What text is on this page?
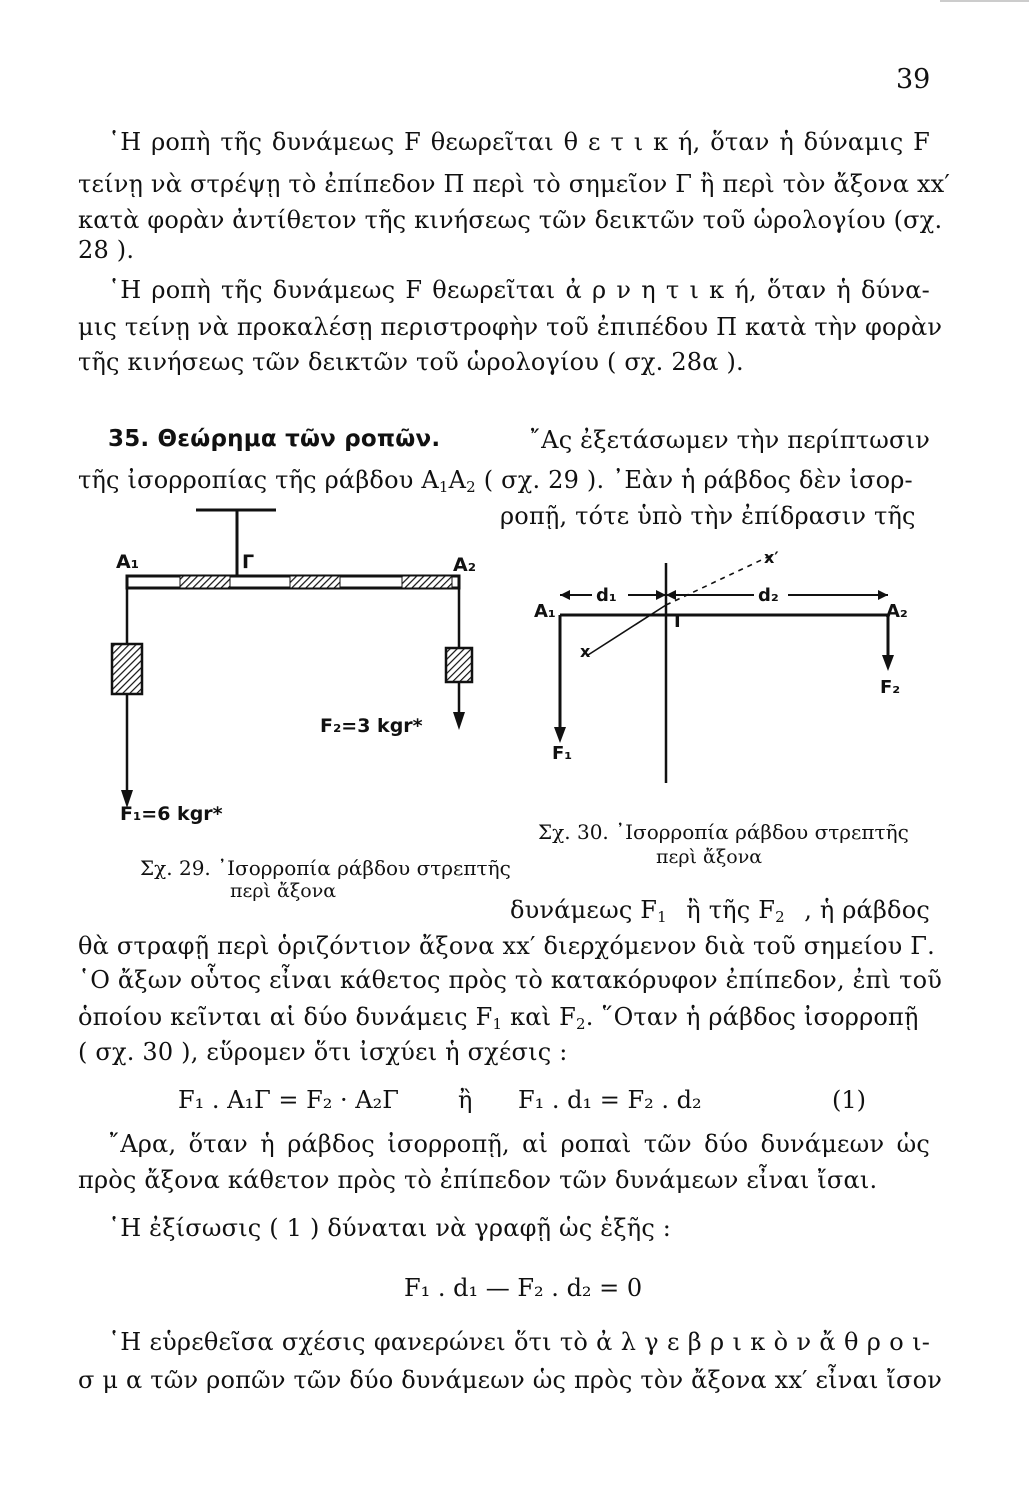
39
῾Η ροπὴ τῆς δυνάμεως F θεωρεῖται θ ε τ ι κ ή, ὅταν ἡ δύναμις F
τείνῃ νὰ στρέψῃ τὸ ἐπίπεδον Π περὶ τὸ σημεῖον Γ ἢ περὶ τὸν ἄξονα xx′
κατὰ φορὰν ἀντίθετον τῆς κινήσεως τῶν δεικτῶν τοῦ ὡρολογίου (σχ.
28 ).
῾Η ροπὴ τῆς δυνάμεως F θεωρεῖται ἀ ρ ν η τ ι κ ή, ὅταν ἡ δύνα-
μις τείνῃ νὰ προκαλέσῃ περιστροφὴν τοῦ ἐπιπέδου Π κατὰ τὴν φορὰν
τῆς κινήσεως τῶν δεικτῶν τοῦ ὡρολογίου ( σχ. 28α ).
35. Θεώρημα τῶν ροπῶν.	῎Ας ἐξετάσωμεν τὴν περίπτωσιν
τῆς ἰσορροπίας τῆς ράβδου $A_1A_2$ ( σχ. 29 ). ᾿Εὰν ἡ ράβδος δὲν ἰσορ-
ροπῇ, τότε ὑπὸ τὴν ἐπίδρασιν τῆς
A₁	Γ	A₂
F₂=3 kgr*
F₁=6 kgr*
Σχ. 29. ᾿Ισορροπία ράβδου στρεπτῆς
περὶ ἄξονα
A₁	Γ	A₂
d₁	d₂
x
x′
F₁
F₂
Σχ. 30. ᾿Ισορροπία ράβδου στρεπτῆς
περὶ ἄξονα
δυνάμεως $F_1$ ἢ τῆς $F_2$ , ἡ ράβδος
θὰ στραφῇ περὶ ὁριζόντιον ἄξονα xx′ διερχόμενον διὰ τοῦ σημείου Γ.
῾Ο ἄξων οὗτος εἶναι κάθετος πρὸς τὸ κατακόρυφον ἐπίπεδον, ἐπὶ τοῦ
ὁποίου κεῖνται αἱ δύο δυνάμεις $F_1$ καὶ $F_2$. ῞Οταν ἡ ράβδος ἰσορροπῇ
( σχ. 30 ), εὕρομεν ὅτι ἰσχύει ἡ σχέσις :
F₁ . A₁Γ = F₂ · A₂Γ ἢ F₁ . d₁ = F₂ . d₂	(1)
῎Αρα, ὅταν ἡ ράβδος ἰσορροπῇ, αἱ ροπαὶ τῶν δύο δυνάμεων ὡς
πρὸς ἄξονα κάθετον πρὸς τὸ ἐπίπεδον τῶν δυνάμεων εἶναι ἴσαι.
῾Η ἐξίσωσις ( 1 ) δύναται νὰ γραφῇ ὡς ἑξῆς :
F₁ . d₁ — F₂ . d₂ = 0
῾Η εὑρεθεῖσα σχέσις φανερώνει ὅτι τὸ ἀ λ γ ε β ρ ι κ ὸ ν ἄ θ ρ ο ι-
σ μ α τῶν ροπῶν τῶν δύο δυνάμεων ὡς πρὸς τὸν ἄξονα xx′ εἶναι ἴσον
